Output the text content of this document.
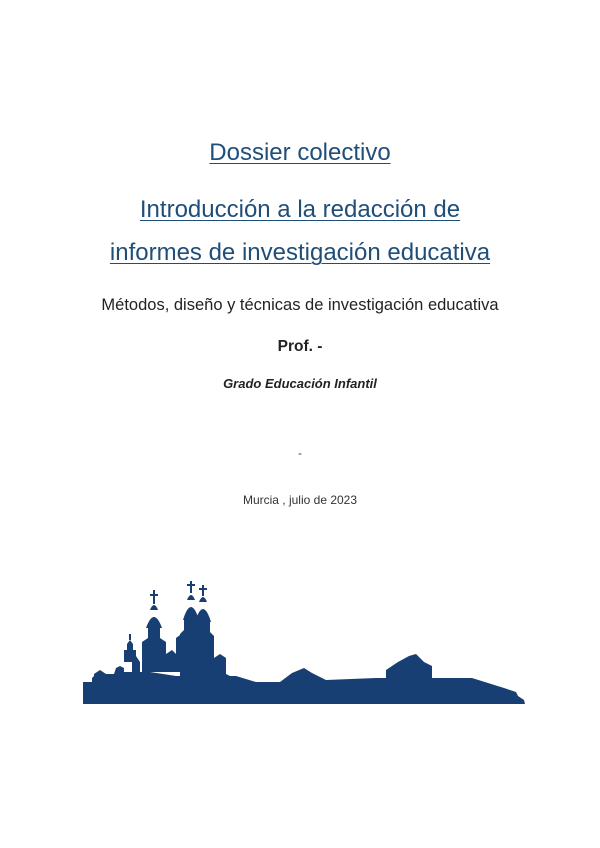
Dossier colectivo
Introducción a la redacción de
informes de investigación educativa
Métodos, diseño y técnicas de investigación educativa
Prof. -
Grado Educación Infantil
-
Murcia , julio de 2023
